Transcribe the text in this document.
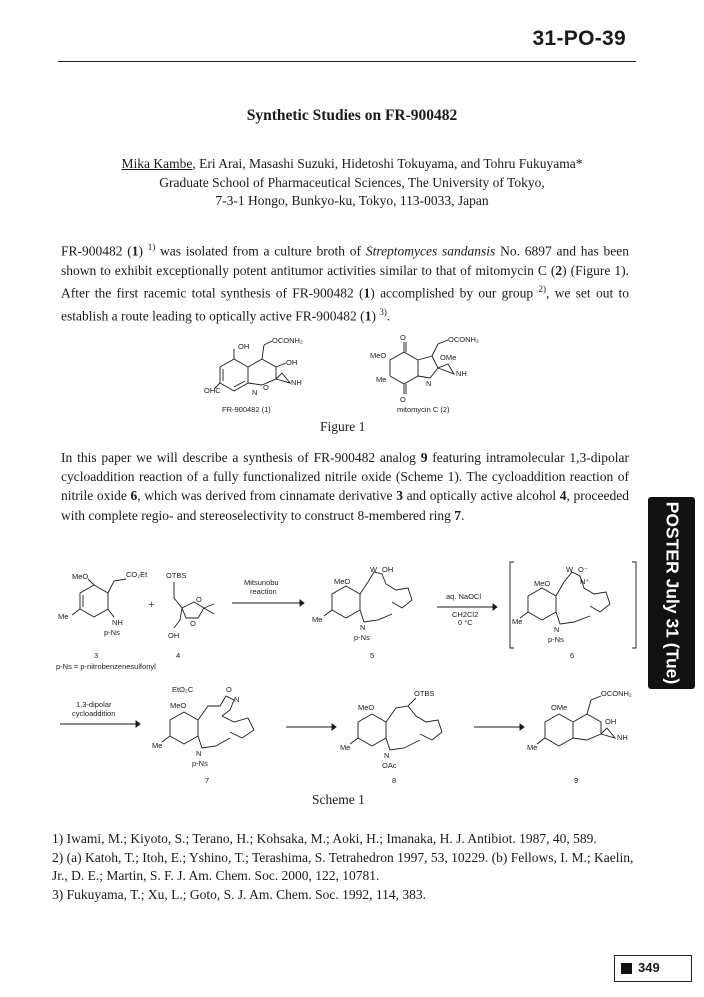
31-PO-39
Synthetic Studies on FR-900482
Mika Kambe, Eri Arai, Masashi Suzuki, Hidetoshi Tokuyama, and Tohru Fukuyama*
Graduate School of Pharmaceutical Sciences, The University of Tokyo,
7-3-1 Hongo, Bunkyo-ku, Tokyo, 113-0033, Japan
FR-900482 (1) $^{1)}$ was isolated from a culture broth of Streptomyces sandansis No. 6897 and has been shown to exhibit exceptionally potent antitumor activities similar to that of mitomycin C (2) (Figure 1). After the first racemic total synthesis of FR-900482 (1) accomplished by our group $^{2)}$, we set out to establish a route leading to optically active FR-900482 (1) $^{3)}$.
OCONH₂
OH
OH
OHC	N
O
NH
FR-900482 (1)
O	OCONH₂
MeO	OMe
Me	N
NH
O
mitomycin C (2)
Figure 1
In this paper we will describe a synthesis of FR-900482 analog 9 featuring intramolecular 1,3-dipolar cycloaddition reaction of a fully functionalized nitrile oxide (Scheme 1). The cycloaddition reaction of nitrile oxide 6, which was derived from cinnamate derivative 3 and optically active alcohol 4, proceeded with complete regio- and stereoselectivity to construct 8-membered ring 7.
MeO	CO₂Et
Me
NH
p-Ns
3
p-Ns = p-nitrobenzenesulfonyl
+
OTBS
OH
O
O
4
Mitsunobu
reaction
MeO
W OH
Me
N
p-Ns
5
aq. NaOCl
CH2Cl2
0 °C
MeO
W O⁻
N⁺
Me
N
p-Ns
6
1,3-dipolar
cycloaddition
EtO₂C	O
N
MeO
Me
N
p-Ns
7
OTBS
MeO
Me
N
OAc
8
OMe
OCONH₂
OH
Me
NH
9
Scheme 1
POSTER July 31 (Tue)
1) Iwami, M.; Kiyoto, S.; Terano, H.; Kohsaka, M.; Aoki, H.; Imanaka, H. J. Antibiot. 1987, 40, 589.
2) (a) Katoh, T.; Itoh, E.; Yshino, T.; Terashima, S. Tetrahedron 1997, 53, 10229. (b) Fellows, I. M.; Kaelin, Jr., D. E.; Martin, S. F. J. Am. Chem. Soc. 2000, 122, 10781.
3) Fukuyama, T.; Xu, L.; Goto, S. J. Am. Chem. Soc. 1992, 114, 383.
349
